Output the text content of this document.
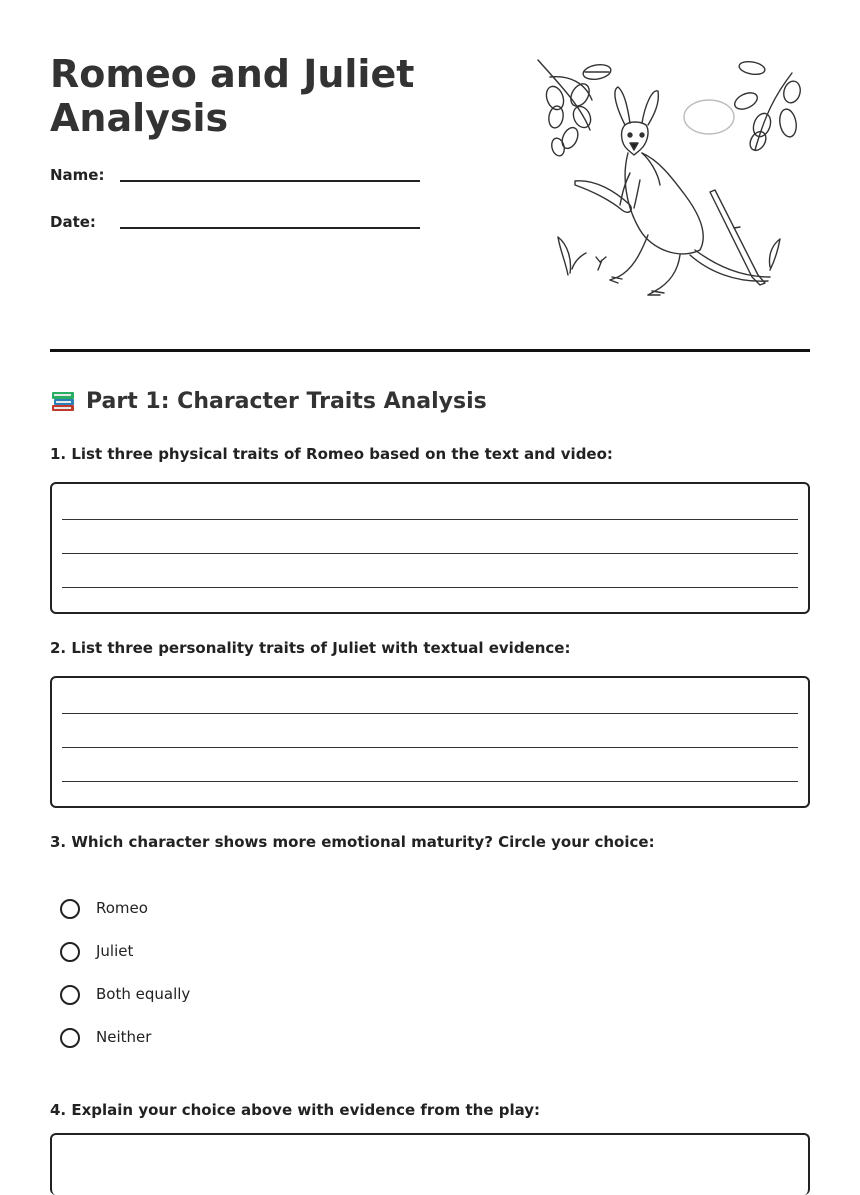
Romeo and Juliet
Analysis
Name:
Date:
Part 1: Character Traits Analysis
1. List three physical traits of Romeo based on the text and video:
2. List three personality traits of Juliet with textual evidence:
3. Which character shows more emotional maturity? Circle your choice:
Romeo
Juliet
Both equally
Neither
4. Explain your choice above with evidence from the play:
